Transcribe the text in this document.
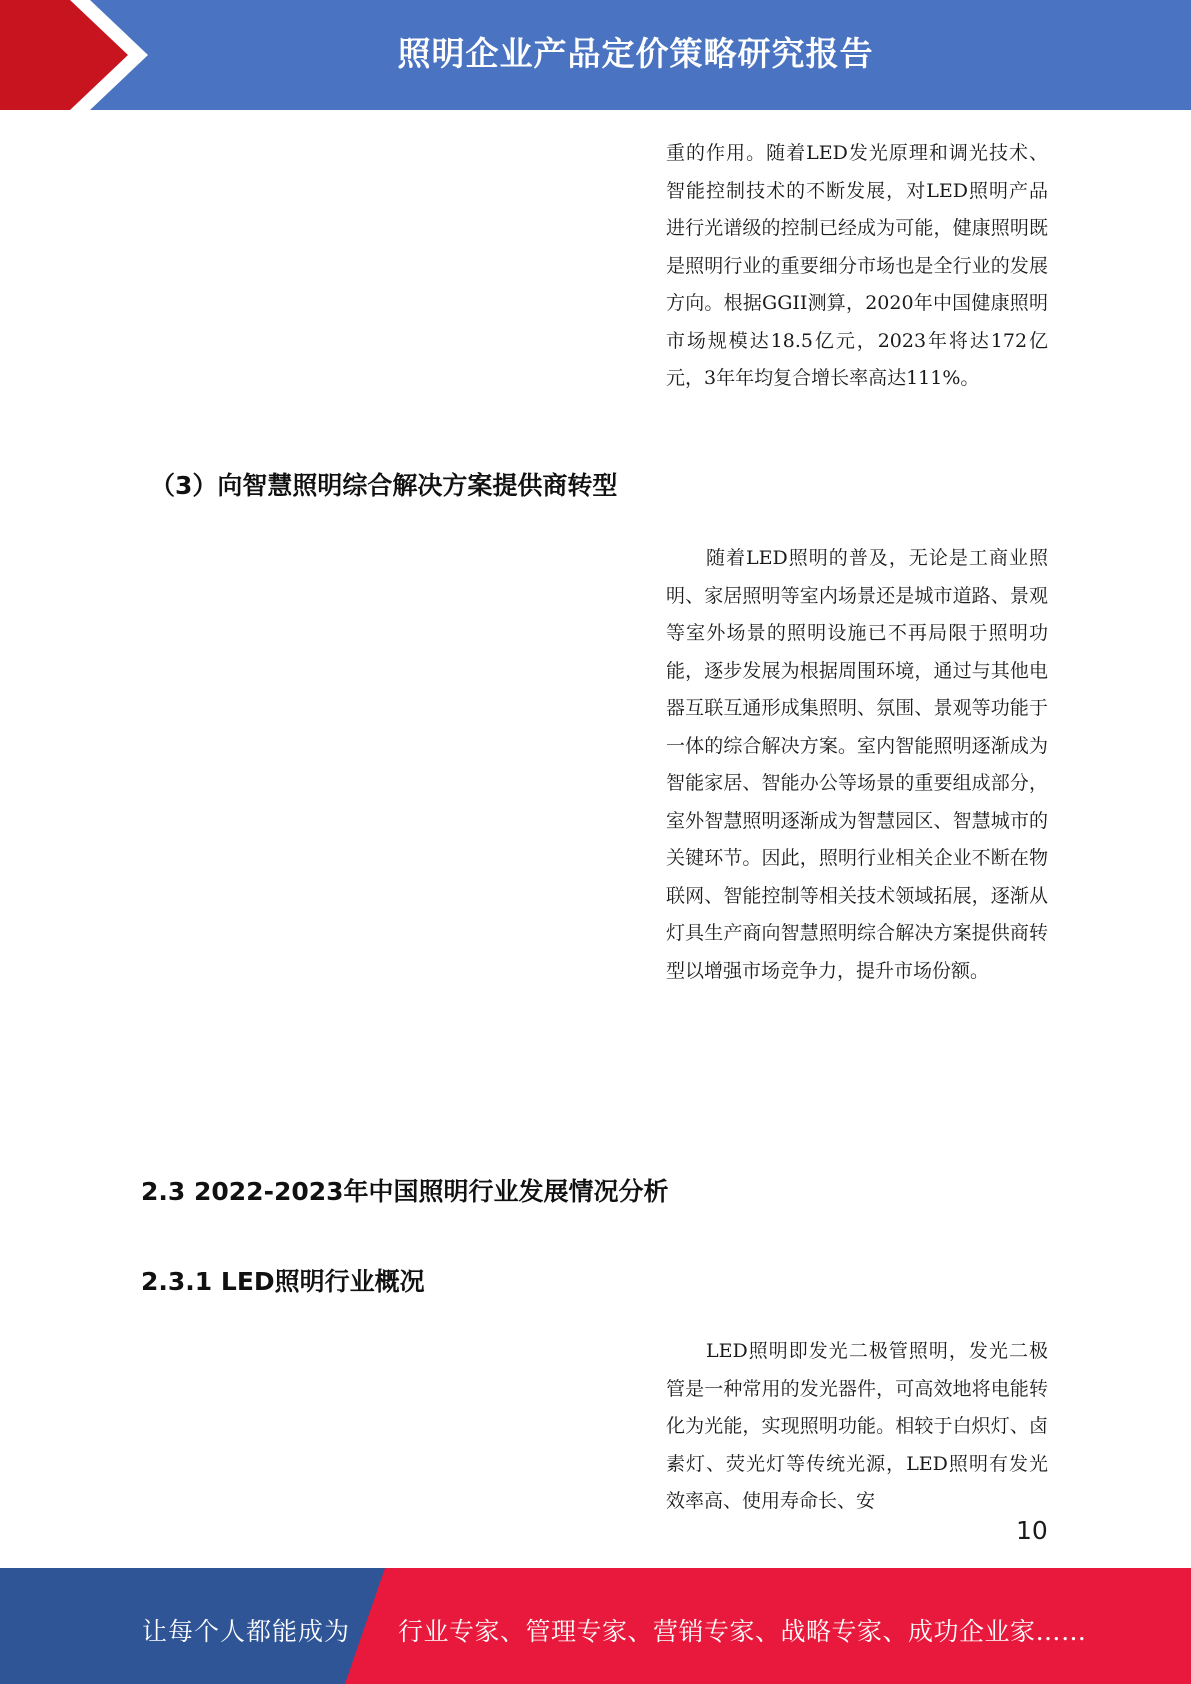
照明企业产品定价策略研究报告

重的作用。随着LED发光原理和调光技术、智能控制技术的不断发展，对LED照明产品进行光谱级的控制已经成为可能，健康照明既是照明行业的重要细分市场也是全行业的发展方向。根据GGII测算，2020年中国健康照明市场规模达18.5亿元，2023年将达172亿元，3年年均复合增长率高达111%。

（3）向智慧照明综合解决方案提供商转型

随着LED照明的普及，无论是工商业照明、家居照明等室内场景还是城市道路、景观等室外场景的照明设施已不再局限于照明功能，逐步发展为根据周围环境，通过与其他电器互联互通形成集照明、氛围、景观等功能于一体的综合解决方案。室内智能照明逐渐成为智能家居、智能办公等场景的重要组成部分，室外智慧照明逐渐成为智慧园区、智慧城市的关键环节。因此，照明行业相关企业不断在物联网、智能控制等相关技术领域拓展，逐渐从灯具生产商向智慧照明综合解决方案提供商转型以增强市场竞争力，提升市场份额。

2.3 2022-2023年中国照明行业发展情况分析
2.3.1 LED照明行业概况

LED照明即发光二极管照明，发光二极管是一种常用的发光器件，可高效地将电能转化为光能，实现照明功能。相较于白炽灯、卤素灯、荧光灯等传统光源，LED照明有发光效率高、使用寿命长、安

10
让每个人都能成为 行业专家、管理专家、营销专家、战略专家、成功企业家……
